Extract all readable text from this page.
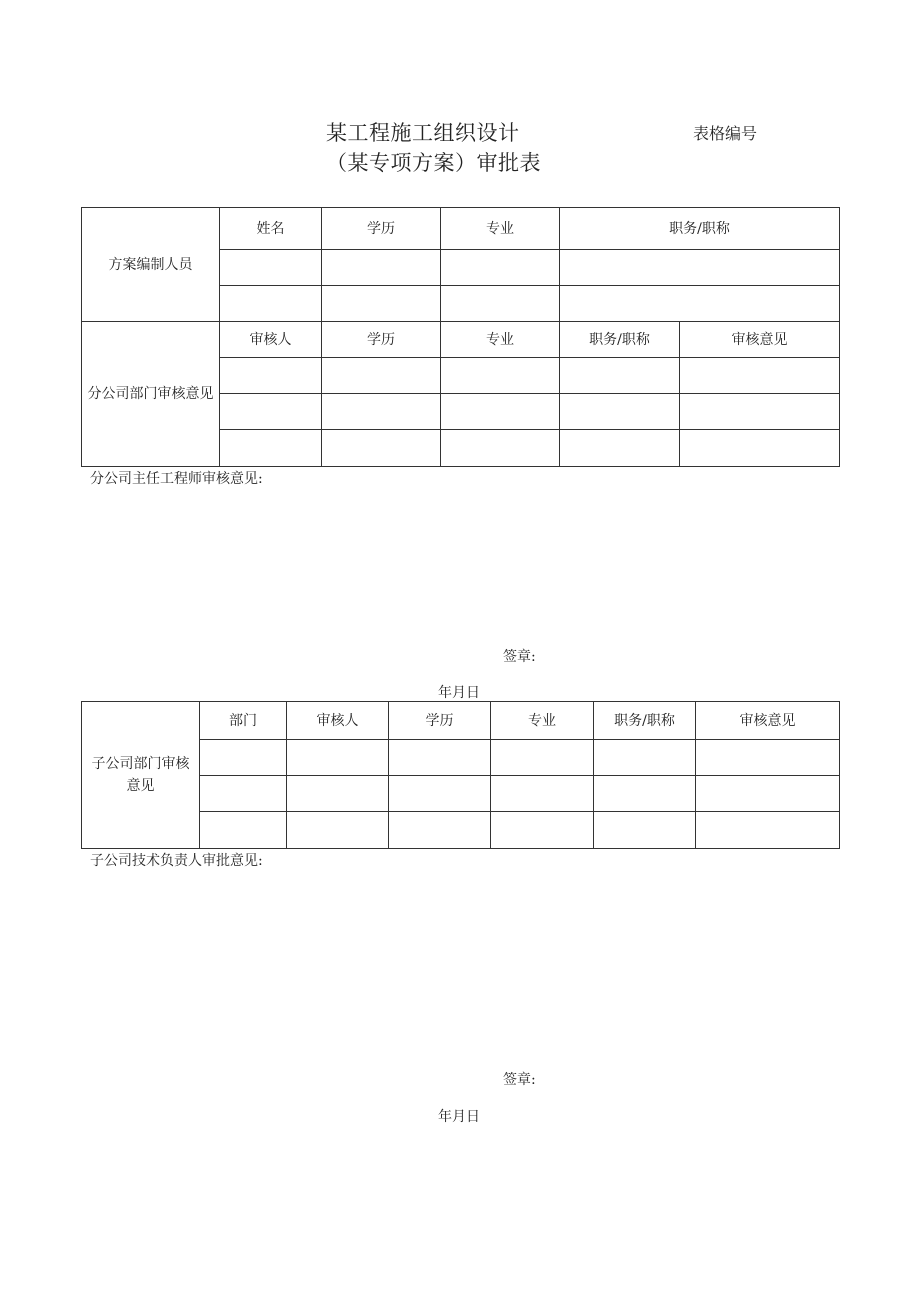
某工程施工组织设计（某专项方案）审批表
表格编号
方案编制人员	姓名	学历	专业	职务/职称	

分公司部门审核意见	审核人	学历	专业	职务/职称	审核意见

分公司主任工程师审核意见:
签章:
年月日
子公司部门审核意见	部门	审核人	学历	专业	职务/职称	审核意见

子公司技术负责人审批意见:
签章:
年月日
